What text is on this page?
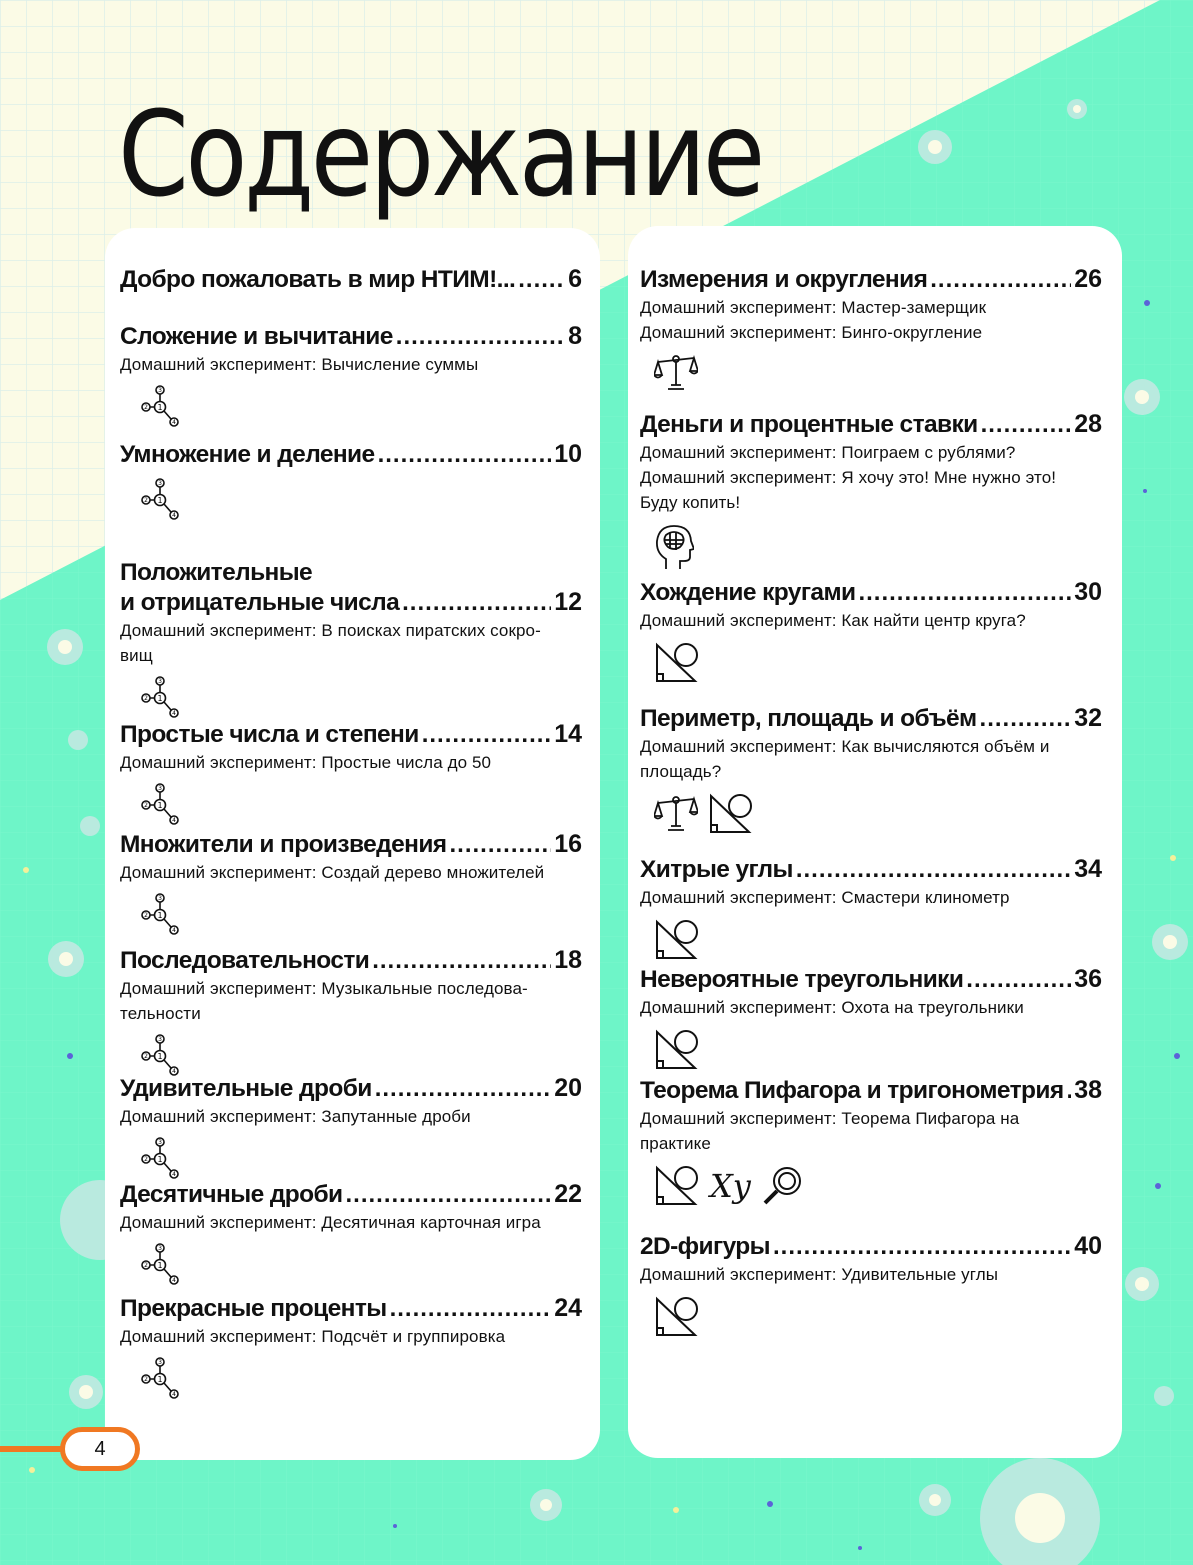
Содержание
Добро пожаловать в мир НТИМ!... ..... 6
Сложение и вычитание .....	8
Домашний эксперимент: Вычисление суммы
3
1
2
4
Умножение и деление .....	10
3
1
2
4
Положительные
и отрицательные числа .....	12
Домашний эксперимент: В поисках пиратских сокро-
вищ
3
1
2
4
Простые числа и степени .....	14
Домашний эксперимент: Простые числа до 50
3
1
2
4
Множители и произведения .....	16
Домашний эксперимент: Создай дерево множителей
3
1
2
4
Последовательности .....	18
Домашний эксперимент: Музыкальные последова-
тельности
3
1
2
4
Удивительные дроби .....	20
Домашний эксперимент: Запутанные дроби
3
1
2
4
Десятичные дроби .....	22
Домашний эксперимент: Десятичная карточная игра
3
1
2
4
Прекрасные проценты .....	24
Домашний эксперимент: Подсчёт и группировка
3
1
2
4
Измерения и округления .....	26
Домашний эксперимент: Мастер-замерщик
Домашний эксперимент: Бинго-округление
Деньги и процентные ставки .....	28
Домашний эксперимент: Поиграем с рублями?
Домашний эксперимент: Я хочу это! Мне нужно это!
Буду копить!
Хождение кругами .....	30
Домашний эксперимент: Как найти центр круга?
Периметр, площадь и объём .....	32
Домашний эксперимент: Как вычисляются объём и
площадь?
Хитрые углы .....	34
Домашний эксперимент: Смастери клинометр
Невероятные треугольники .....	36
Домашний эксперимент: Охота на треугольники
Теорема Пифагора и тригонометрия ..... 38
Домашний эксперимент: Теорема Пифагора на
практике
Xy
2D-фигуры .....	40
Домашний эксперимент: Удивительные углы
4
